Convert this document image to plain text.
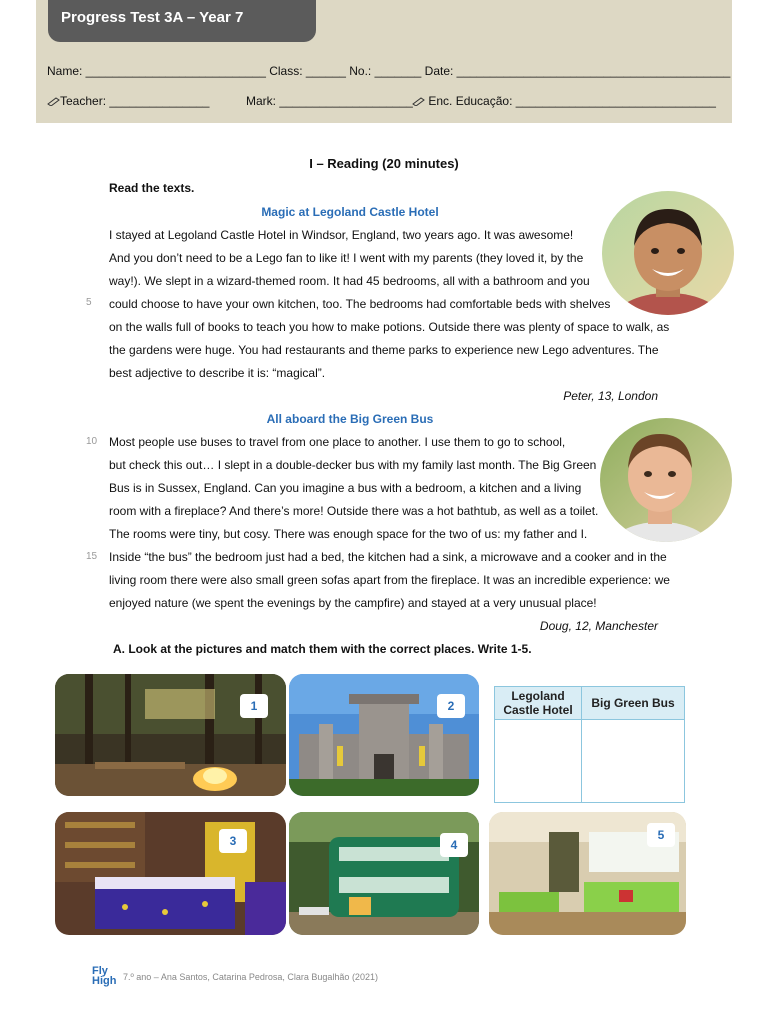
Progress Test 3A – Year 7
Name: ___________________________ Class: ______ No.: _______ Date: _________________________________________
Teacher: _______________	Mark: ____________________	Enc. Educação: ______________________________
I – Reading (20 minutes)
Read the texts.
Magic at Legoland Castle Hotel
I stayed at Legoland Castle Hotel in Windsor, England, two years ago. It was awesome!
And you don’t need to be a Lego fan to like it! I went with my parents (they loved it, by the
way!). We slept in a wizard-themed room. It had 45 bedrooms, all with a bathroom and you
could choose to have your own kitchen, too. The bedrooms had comfortable beds with shelves
on the walls full of books to teach you how to make potions. Outside there was plenty of space to walk, as
the gardens were huge. You had restaurants and theme parks to experience new Lego adventures. The
best adjective to describe it is: “magical”.
5
Peter, 13, London
All aboard the Big Green Bus
Most people use buses to travel from one place to another. I use them to go to school,
but check this out… I slept in a double-decker bus with my family last month. The Big Green
Bus is in Sussex, England. Can you imagine a bus with a bedroom, a kitchen and a living
room with a fireplace? And there’s more! Outside there was a hot bathtub, as well as a toilet.
The rooms were tiny, but cosy. There was enough space for the two of us: my father and I.
Inside “the bus” the bedroom just had a bed, the kitchen had a sink, a microwave and a cooker and in the
living room there were also small green sofas apart from the fireplace. It was an incredible experience: we
enjoyed nature (we spent the evenings by the campfire) and stayed at a very unusual place!
10
15
Doug, 12, Manchester
A. Look at the pictures and match them with the correct places. Write 1-5.
1	2
3	4
5
Legoland Castle Hotel	Big Green Bus

Fly
High 7.º ano – Ana Santos, Catarina Pedrosa, Clara Bugalhão (2021)
